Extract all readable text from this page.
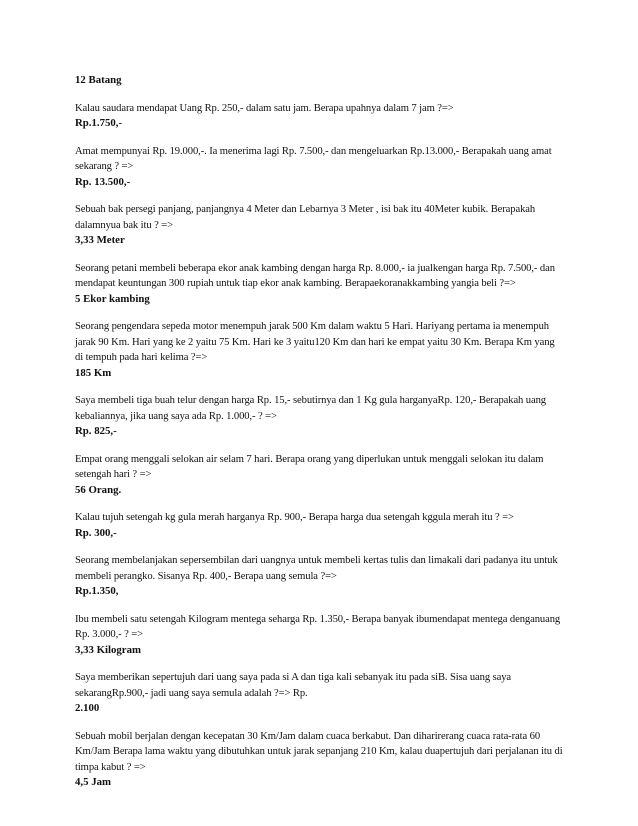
12 Batang

Kalau saudara mendapat Uang Rp. 250,- dalam satu jam. Berapa upahnya dalam 7 jam ?=>

Rp.1.750,-

Amat mempunyai Rp. 19.000,-. Ia menerima lagi Rp. 7.500,- dan mengeluarkan Rp.13.000,- Berapakah uang amat sekarang ? =>

Rp. 13.500,-

Sebuah bak persegi panjang, panjangnya 4 Meter dan Lebarnya 3 Meter , isi bak itu 40Meter kubik. Berapakah dalamnyua bak itu ? =>

3,33 Meter

Seorang petani membeli beberapa ekor anak kambing dengan harga Rp. 8.000,- ia jualkengan harga Rp. 7.500,- dan mendapat keuntungan 300 rupiah untuk tiap ekor anak kambing. Berapaekoranakkambing yangia beli ?=>

5 Ekor kambing

Seorang pengendara sepeda motor menempuh jarak 500 Km dalam waktu 5 Hari. Hariyang pertama ia menempuh jarak 90 Km. Hari yang ke 2 yaitu 75 Km. Hari ke 3 yaitu120 Km dan hari ke empat yaitu 30 Km. Berapa Km yang di tempuh pada hari kelima ?=>

185 Km

Saya membeli tiga buah telur dengan harga Rp. 15,- sebutirnya dan 1 Kg gula harganyaRp. 120,- Berapakah uang kebaliannya, jika uang saya ada Rp. 1.000,- ? =>

Rp. 825,-

Empat orang menggali selokan air selam 7 hari. Berapa orang yang diperlukan untuk menggali selokan itu dalam setengah hari ? =>

56 Orang.

Kalau tujuh setengah kg gula merah harganya Rp. 900,- Berapa harga dua setengah kggula merah itu ? =>

Rp. 300,-

Seorang membelanjakan sepersembilan dari uangnya untuk membeli kertas tulis dan limakali dari padanya itu untuk membeli perangko. Sisanya Rp. 400,- Berapa uang semula ?=>

Rp.1.350,

Ibu membeli satu setengah Kilogram mentega seharga Rp. 1.350,- Berapa banyak ibumendapat mentega denganuang Rp. 3.000,- ? =>

3,33 Kilogram

Saya memberikan sepertujuh dari uang saya pada si A dan tiga kali sebanyak itu pada siB. Sisa uang saya sekarangRp.900,- jadi uang saya semula adalah ?=> Rp.

2.100

Sebuah mobil berjalan dengan kecepatan 30 Km/Jam dalam cuaca berkabut. Dan diharirerang cuaca rata-rata 60 Km/Jam Berapa lama waktu yang dibutuhkan untuk jarak sepanjang 210 Km, kalau duapertujuh dari perjalanan itu di timpa kabut ? =>

4,5 Jam
